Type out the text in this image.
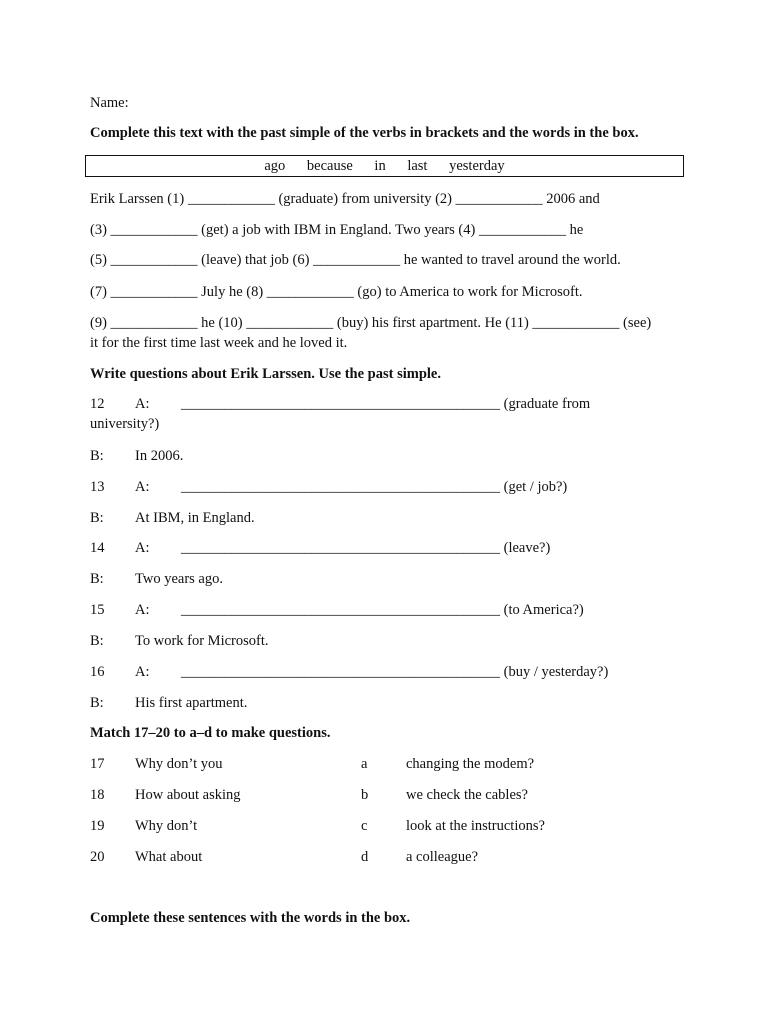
Name:
Complete this text with the past simple of the verbs in brackets and the words in the box.
ago because in last yesterday
Erik Larssen (1) ____________ (graduate) from university (2) ____________ 2006 and
(3) ____________ (get) a job with IBM in England. Two years (4) ____________ he
(5) ____________ (leave) that job (6) ____________ he wanted to travel around the world.
(7) ____________ July he (8) ____________ (go) to America to work for Microsoft.
(9) ____________ he (10) ____________ (buy) his first apartment. He (11) ____________ (see)
it for the first time last week and he loved it.
Write questions about Erik Larssen. Use the past simple.
12 A: ____________________________________________ (graduate from
university?)
B: In 2006.
13 A: ____________________________________________ (get / job?)
B: At IBM, in England.
14 A: ____________________________________________ (leave?)
B: Two years ago.
15 A: ____________________________________________ (to America?)
B: To work for Microsoft.
16 A: ____________________________________________ (buy / yesterday?)
B: His first apartment.
Match 17–20 to a–d to make questions.
17 Why don’t you	a	changing the modem?
18 How about asking	b	we check the cables?
19 Why don’t	c	look at the instructions?
20 What about	d	a colleague?
Complete these sentences with the words in the box.
